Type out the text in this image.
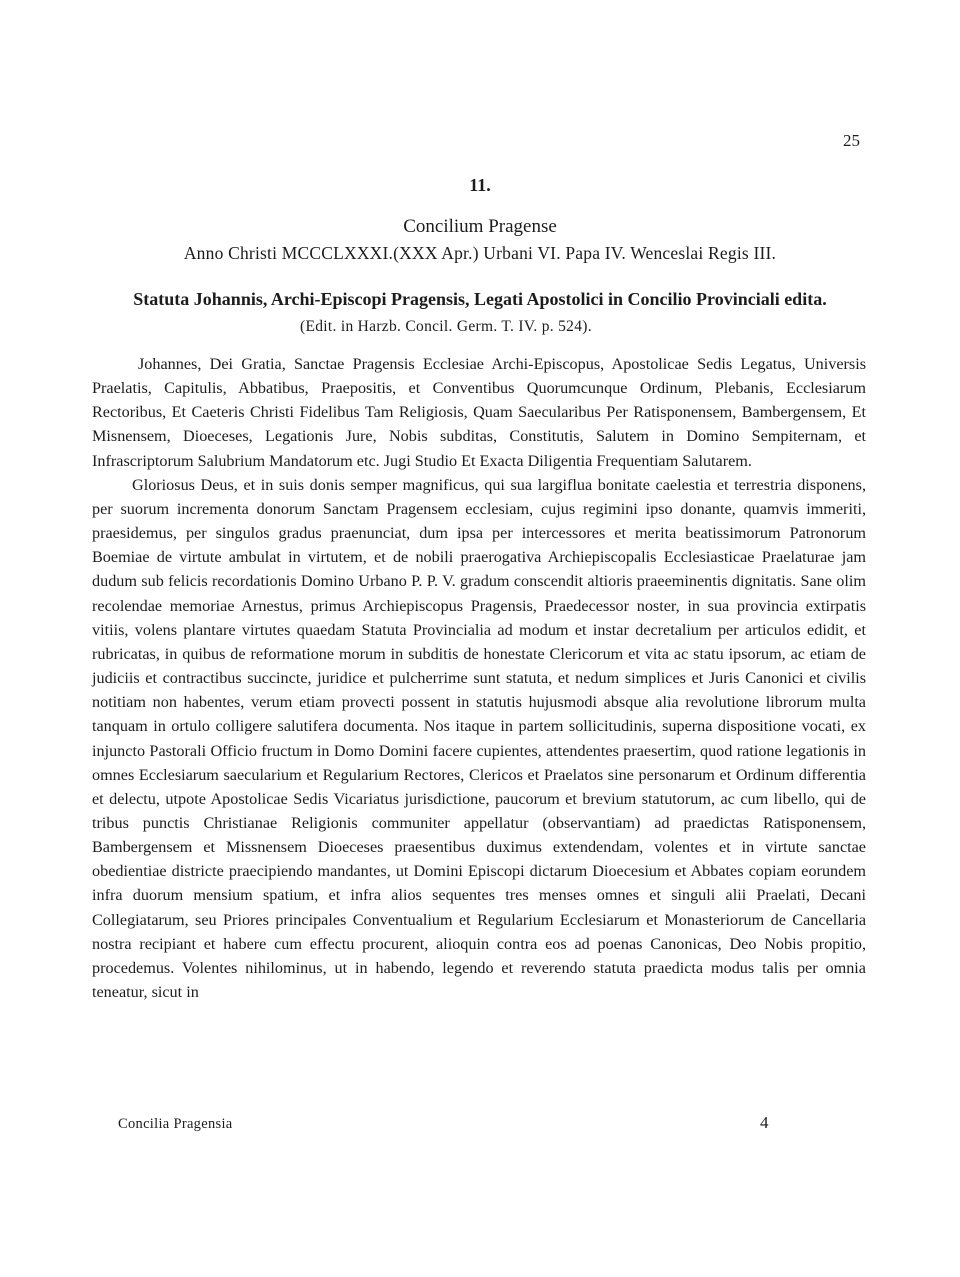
25
11.
Concilium Pragense
Anno Christi MCCCLXXXI.(XXX Apr.) Urbani VI. Papa IV. Wenceslai Regis III.
Statuta Johannis, Archi-Episcopi Pragensis, Legati Apostolici in Concilio Provinciali edita.
(Edit. in Harzb. Concil. Germ. T. IV. p. 524).

Johannes, Dei Gratia, Sanctae Pragensis Ecclesiae Archi-Episcopus, Apostolicae Sedis Legatus, Universis Praelatis, Capitulis, Abbatibus, Praepositis, et Conventibus Quorumcunque Ordinum, Plebanis, Ecclesiarum Rectoribus, Et Caeteris Christi Fidelibus Tam Religiosis, Quam Saecularibus Per Ratisponensem, Bambergensem, Et Misnensem, Dioeceses, Legationis Jure, Nobis subditas, Constitutis, Salutem in Domino Sempiternam, et Infrascriptorum Salubrium Mandatorum etc. Jugi Studio Et Exacta Diligentia Frequentiam Salutarem.

Gloriosus Deus, et in suis donis semper magnificus, qui sua largiflua bonitate caelestia et terrestria disponens, per suorum incrementa donorum Sanctam Pragensem ecclesiam, cujus regimini ipso donante, quamvis immeriti, praesidemus, per singulos gradus praenunciat, dum ipsa per intercessores et merita beatissimorum Patronorum Boemiae de virtute ambulat in virtutem, et de nobili praerogativa Archiepiscopalis Ecclesiasticae Praelaturae jam dudum sub felicis recordationis Domino Urbano P. P. V. gradum conscendit altioris praeeminentis dignitatis. Sane olim recolendae memoriae Arnestus, primus Archiepiscopus Pragensis, Praedecessor noster, in sua provincia extirpatis vitiis, volens plantare virtutes quaedam Statuta Provincialia ad modum et instar decretalium per articulos edidit, et rubricatas, in quibus de reformatione morum in subditis de honestate Clericorum et vita ac statu ipsorum, ac etiam de judiciis et contractibus succincte, juridice et pulcherrime sunt statuta, et nedum simplices et Juris Canonici et civilis notitiam non habentes, verum etiam provecti possent in statutis hujusmodi absque alia revolutione librorum multa tanquam in ortulo colligere salutifera documenta. Nos itaque in partem sollicitudinis, superna dispositione vocati, ex injuncto Pastorali Officio fructum in Domo Domini facere cupientes, attendentes praesertim, quod ratione legationis in omnes Ecclesiarum saecularium et Regularium Rectores, Clericos et Praelatos sine personarum et Ordinum differentia et delectu, utpote Apostolicae Sedis Vicariatus jurisdictione, paucorum et brevium statutorum, ac cum libello, qui de tribus punctis Christianae Religionis communiter appellatur (observantiam) ad praedictas Ratisponensem, Bambergensem et Missnensem Dioeceses praesentibus duximus extendendam, volentes et in virtute sanctae obedientiae districte praecipiendo mandantes, ut Domini Episcopi dictarum Dioecesium et Abbates copiam eorundem infra duorum mensium spatium, et infra alios sequentes tres menses omnes et singuli alii Praelati, Decani Collegiatarum, seu Priores principales Conventualium et Regularium Ecclesiarum et Monasteriorum de Cancellaria nostra recipiant et habere cum effectu procurent, alioquin contra eos ad poenas Canonicas, Deo Nobis propitio, procedemus. Volentes nihilominus, ut in habendo, legendo et reverendo statuta praedicta modus talis per omnia teneatur, sicut in

Concilia Pragensia	4
